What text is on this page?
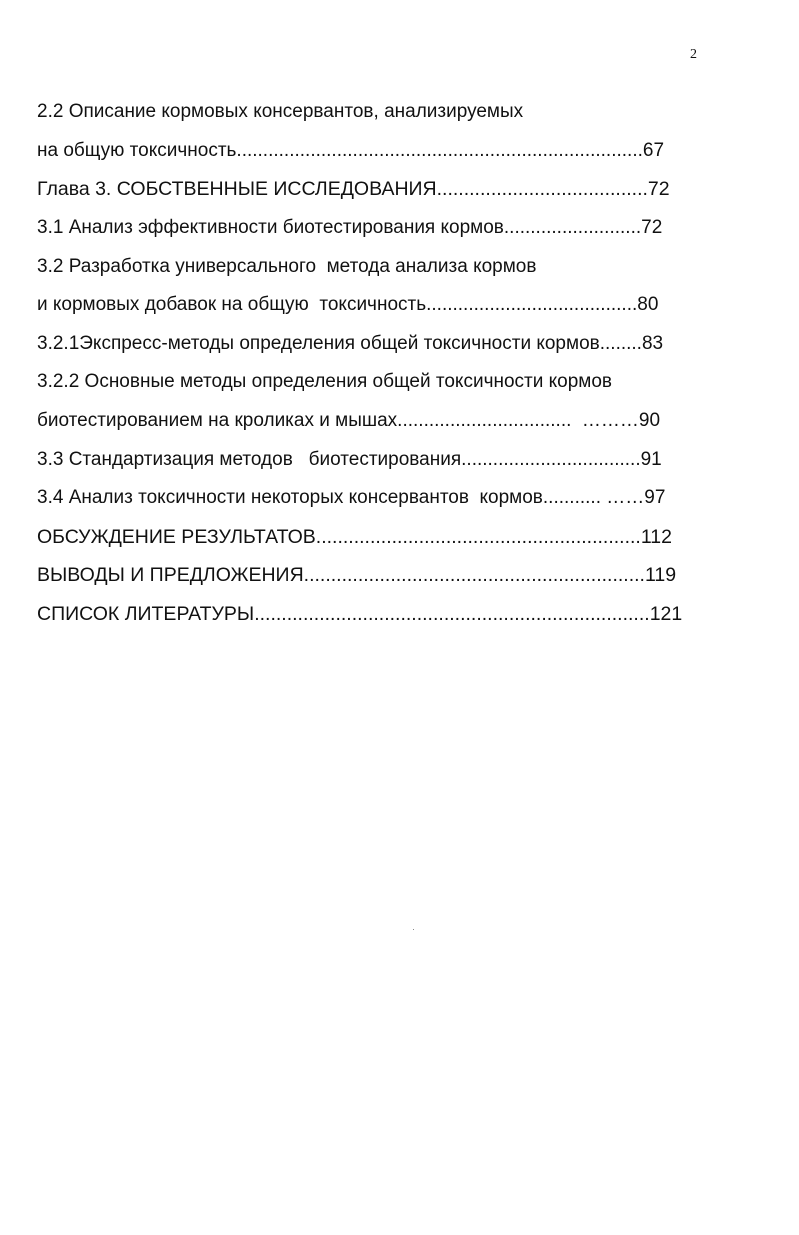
2
2.2 Описание кормовых консервантов, анализируемых
на общую токсичность.............................................................................67
Глава 3. СОБСТВЕННЫЕ ИССЛЕДОВАНИЯ.......................................72
3.1 Анализ эффективности биотестирования кормов..........................72
3.2 Разработка универсального  метода анализа кормов
и кормовых добавок на общую  токсичность........................................80
3.2.1Экспресс-методы определения общей токсичности кормов........83
3.2.2 Основные методы определения общей токсичности кормов
биотестированием на кроликах и мышах.................................  ………90
3.3 Стандартизация методов   биотестирования..................................91
3.4 Анализ токсичности некоторых консервантов  кормов........... ……97
ОБСУЖДЕНИЕ РЕЗУЛЬТАТОВ............................................................112
ВЫВОДЫ И ПРЕДЛОЖЕНИЯ...............................................................119
СПИСОК ЛИТЕРАТУРЫ.........................................................................121
